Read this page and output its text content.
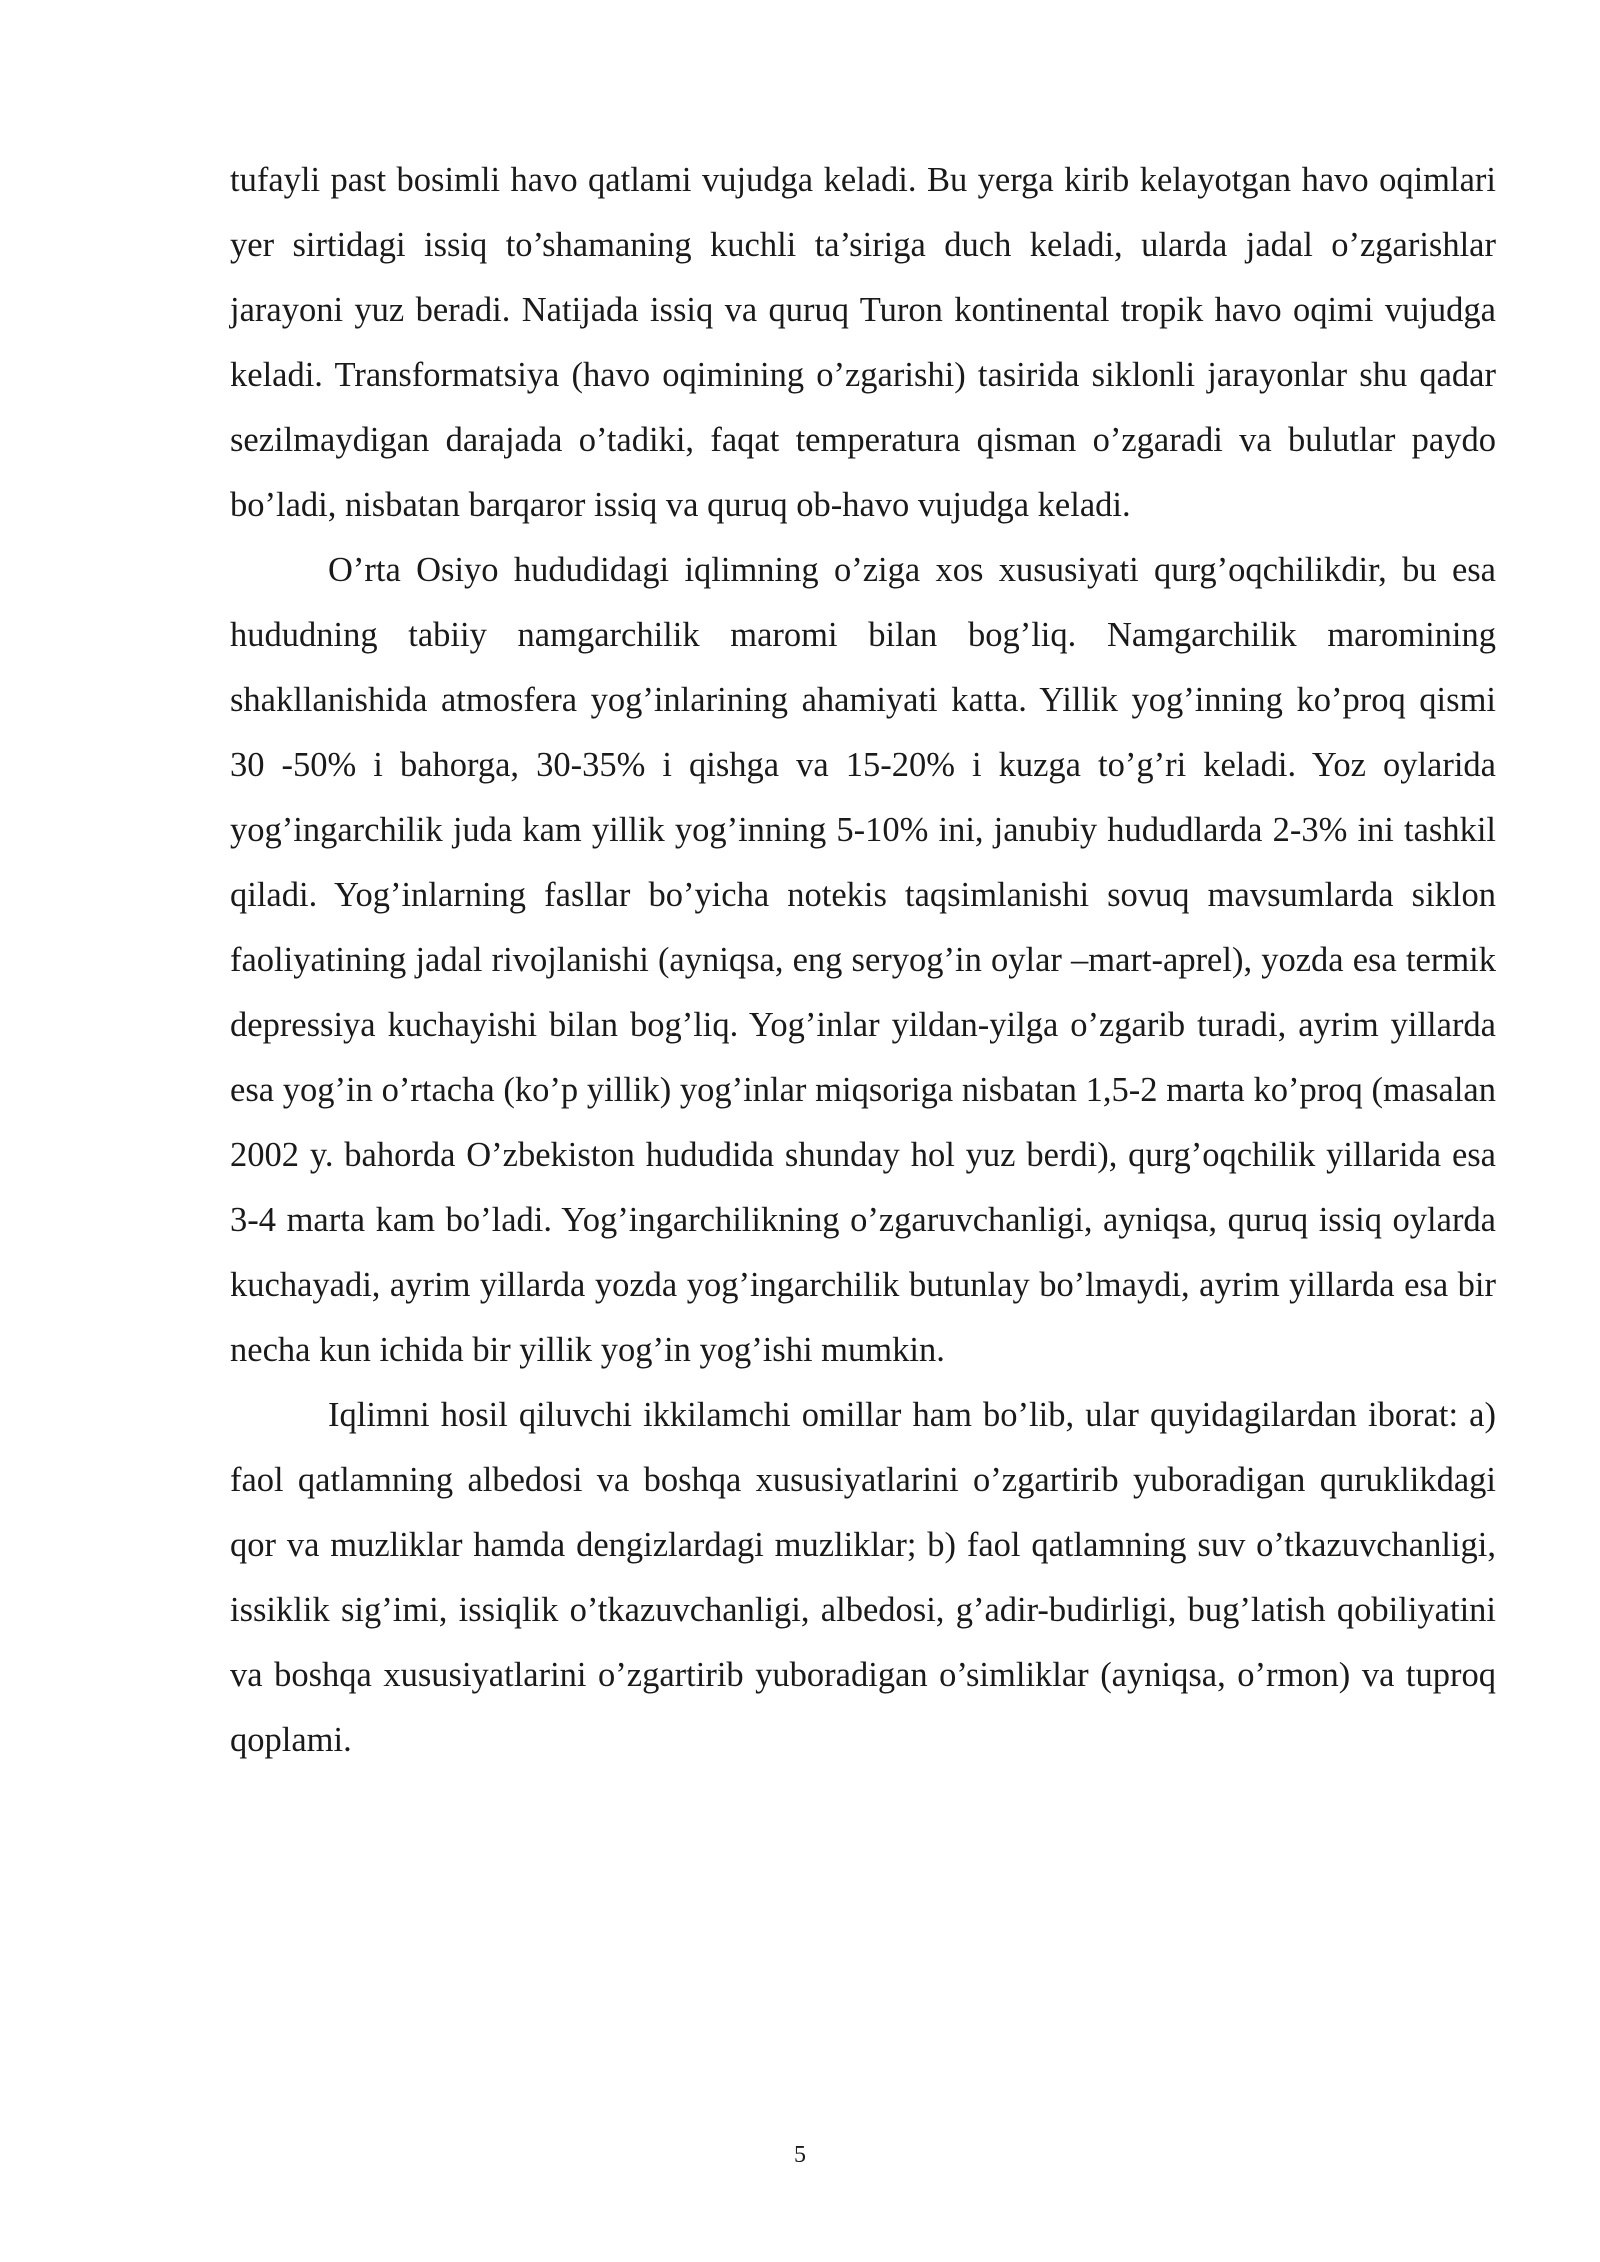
tufayli past bosimli havo qatlami vujudga keladi. Bu yerga kirib kelayotgan havo oqimlari yer sirtidagi issiq to’shamaning kuchli ta’siriga duch keladi, ularda jadal o’zgarishlar jarayoni yuz beradi. Natijada issiq va quruq Turon kontinental tropik havo oqimi vujudga keladi. Transformatsiya (havo oqimining o’zgarishi) tasirida siklonli jarayonlar shu qadar sezilmaydigan darajada o’tadiki, faqat temperatura qisman o’zgaradi va bulutlar paydo bo’ladi, nisbatan barqaror issiq va quruq ob-havo vujudga keladi.

O’rta Osiyo hududidagi iqlimning o’ziga xos xususiyati qurg’oqchilikdir, bu esa hududning tabiiy namgarchilik maromi bilan bog’liq. Namgarchilik maromining shakllanishida atmosfera yog’inlarining ahamiyati katta. Yillik yog’inning ko’proq qismi 30 -50% i bahorga, 30-35% i qishga va 15-20% i kuzga to’g’ri keladi. Yoz oylarida yog’ingarchilik juda kam yillik yog’inning 5-10% ini, janubiy hududlarda 2-3% ini tashkil qiladi. Yog’inlarning fasllar bo’yicha notekis taqsimlanishi sovuq mavsumlarda siklon faoliyatining jadal rivojlanishi (ayniqsa, eng seryog’in oylar –mart-aprel), yozda esa termik depressiya kuchayishi bilan bog’liq. Yog’inlar yildan-yilga o’zgarib turadi, ayrim yillarda esa yog’in o’rtacha (ko’p yillik) yog’inlar miqsoriga nisbatan 1,5-2 marta ko’proq (masalan 2002 y. bahorda O’zbekiston hududida shunday hol yuz berdi), qurg’oqchilik yillarida esa 3-4 marta kam bo’ladi. Yog’ingarchilikning o’zgaruvchanligi, ayniqsa, quruq issiq oylarda kuchayadi, ayrim yillarda yozda yog’ingarchilik butunlay bo’lmaydi, ayrim yillarda esa bir necha kun ichida bir yillik yog’in yog’ishi mumkin.

Iqlimni hosil qiluvchi ikkilamchi omillar ham bo’lib, ular quyidagilardan iborat: a) faol qatlamning albedosi va boshqa xususiyatlarini o’zgartirib yuboradigan quruklikdagi qor va muzliklar hamda dengizlardagi muzliklar; b) faol qatlamning suv o’tkazuvchanligi, issiklik sig’imi, issiqlik o’tkazuvchanligi, albedosi, g’adir-budirligi, bug’latish qobiliyatini va boshqa xususiyatlarini o’zgartirib yuboradigan o’simliklar (ayniqsa, o’rmon) va tuproq qoplami.

5
